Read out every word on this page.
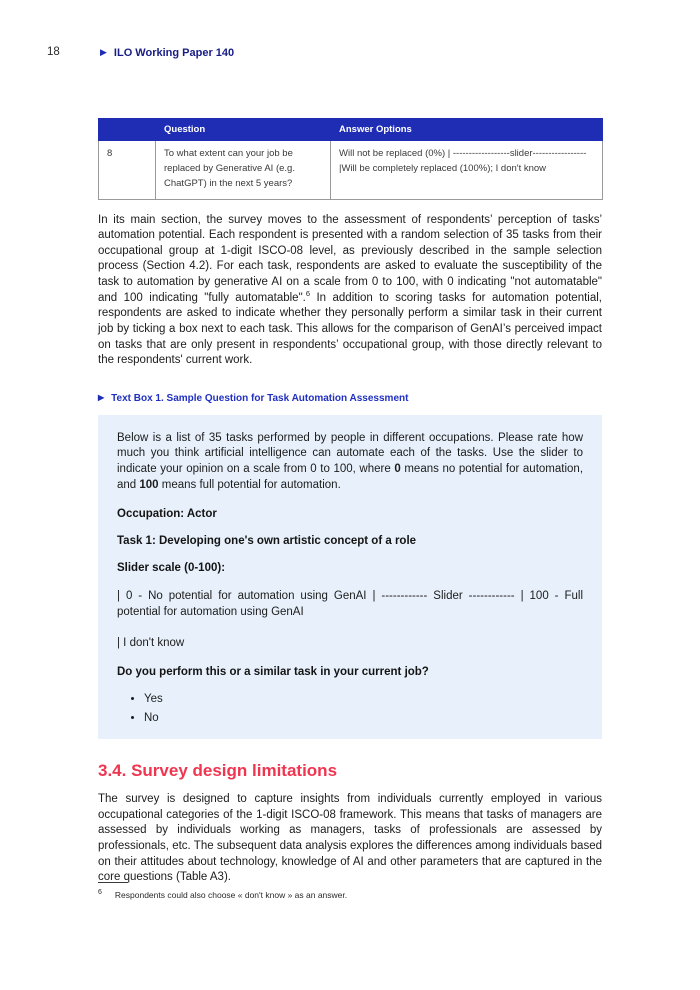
18	▶ ILO Working Paper 140
	Question	Answer Options
8	To what extent can your job be replaced by Generative AI (e.g. ChatGPT) in the next 5 years?	Will not be replaced (0%) | ------------------slider-----------------|Will be completely replaced (100%); I don't know

In its main section, the survey moves to the assessment of respondents’ perception of tasks’ automation potential. Each respondent is presented with a random selection of 35 tasks from their occupational group at 1-digit ISCO-08 level, as previously described in the sample selection process (Section 4.2). For each task, respondents are asked to evaluate the susceptibility of the task to automation by generative AI on a scale from 0 to 100, with 0 indicating "not automatable" and 100 indicating "fully automatable".$^6$ In addition to scoring tasks for automation potential, respondents are asked to indicate whether they personally perform a similar task in their current job by ticking a box next to each task. This allows for the comparison of GenAI’s perceived impact on tasks that are only present in respondents’ occupational group, with those directly relevant to the respondents' current work.

▶ Text Box 1. Sample Question for Task Automation Assessment

Below is a list of 35 tasks performed by people in different occupations. Please rate how much you think artificial intelligence can automate each of the tasks. Use the slider to indicate your opinion on a scale from 0 to 100, where 0 means no potential for automation, and 100 means full potential for automation.

Occupation: Actor

Task 1: Developing one's own artistic concept of a role

Slider scale (0-100):

| 0 - No potential for automation using GenAI | ------------ Slider ------------ | 100 - Full potential for automation using GenAI

| I don't know

Do you perform this or a similar task in your current job?

• Yes
• No
3.4. Survey design limitations

The survey is designed to capture insights from individuals currently employed in various occupational categories of the 1-digit ISCO-08 framework. This means that tasks of managers are assessed by individuals working as managers, tasks of professionals are assessed by professionals, etc. The subsequent data analysis explores the differences among individuals based on their attitudes about technology, knowledge of AI and other parameters that are captured in the core questions (Table A3).

$^6$ Respondents could also choose « don't know » as an answer.
